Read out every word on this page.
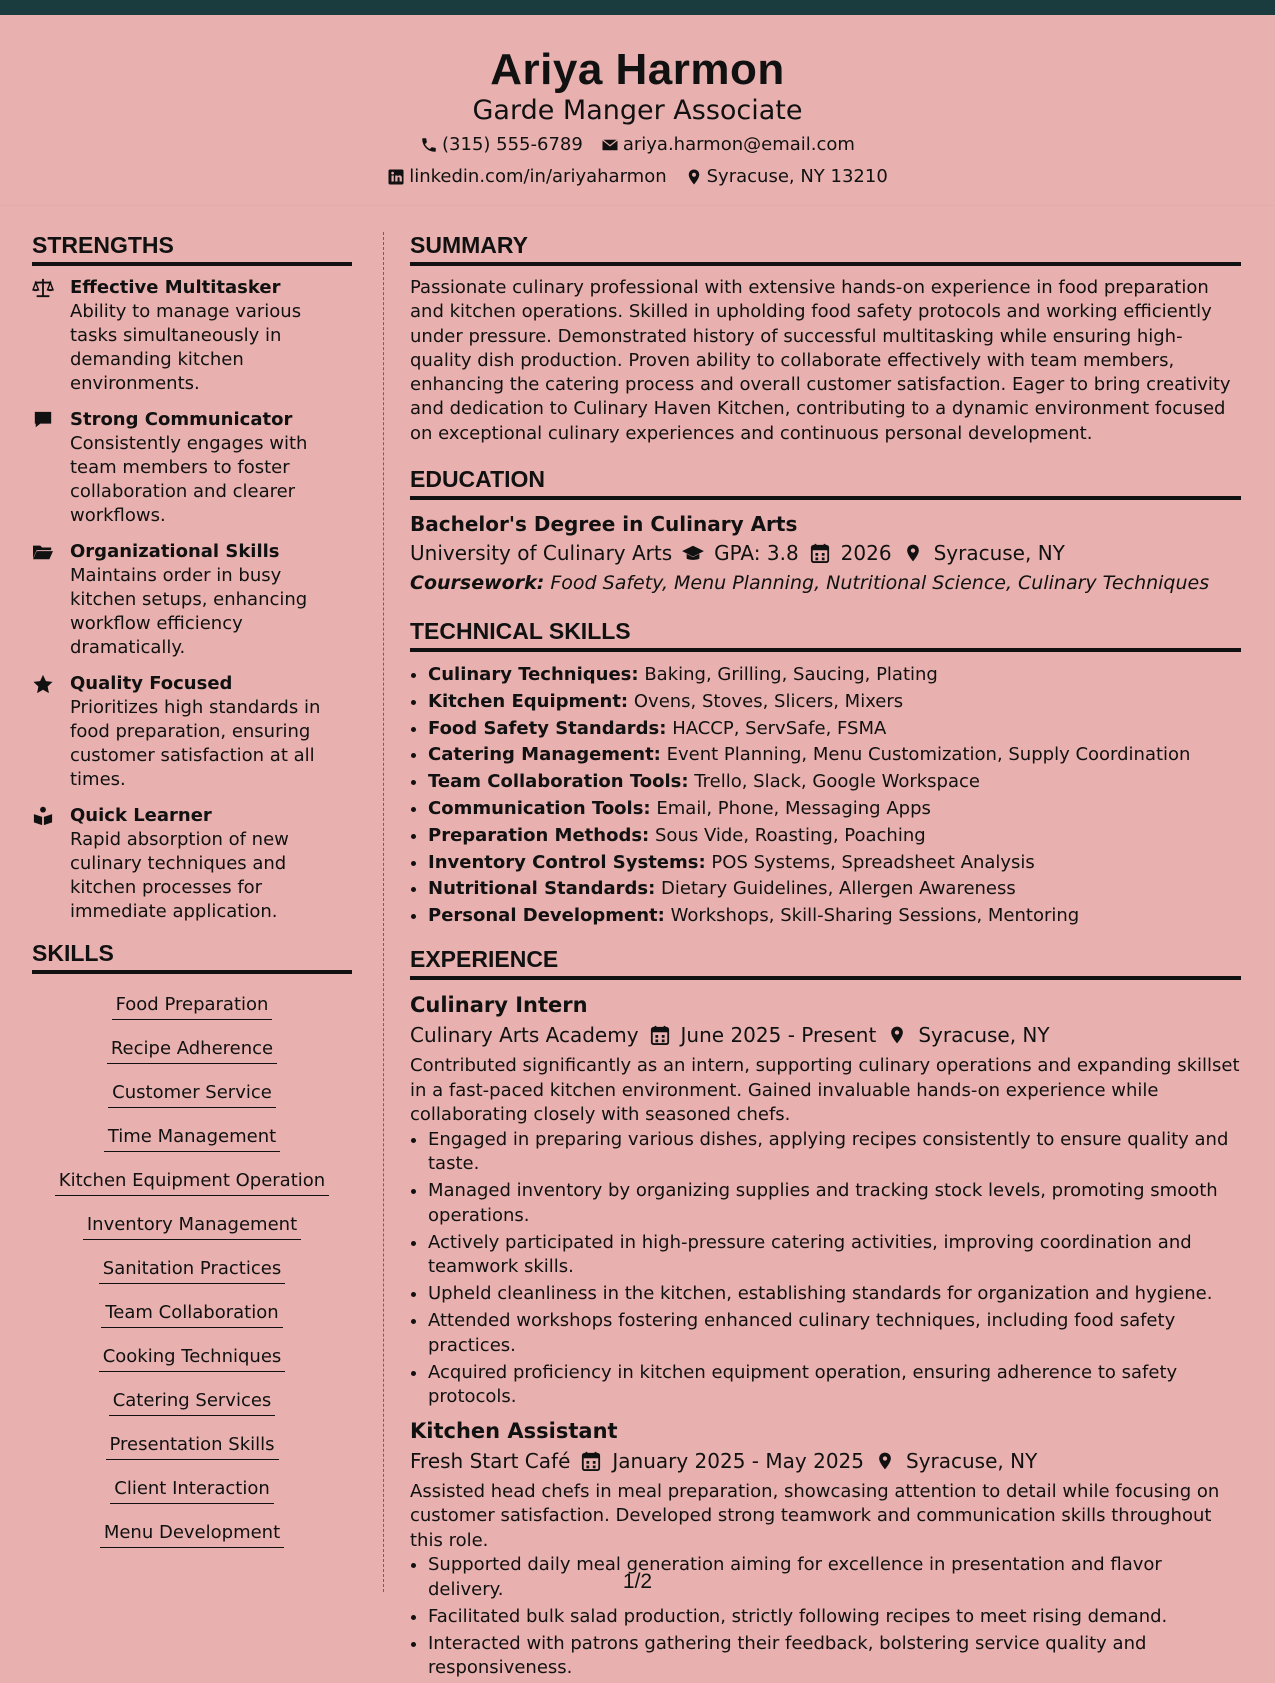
Ariya Harmon
Garde Manger Associate
(315) 555-6789 ariya.harmon@email.com
linkedin.com/in/ariyaharmon Syracuse, NY 13210
STRENGTHS
Effective Multitasker
Ability to manage various tasks simultaneously in demanding kitchen environments.
Strong Communicator
Consistently engages with team members to foster collaboration and clearer workflows.
Organizational Skills
Maintains order in busy kitchen setups, enhancing workflow efficiency dramatically.
Quality Focused
Prioritizes high standards in food preparation, ensuring customer satisfaction at all times.
Quick Learner
Rapid absorption of new culinary techniques and kitchen processes for immediate application.
SKILLS
Food Preparation
Recipe Adherence
Customer Service
Time Management
Kitchen Equipment Operation
Inventory Management
Sanitation Practices
Team Collaboration
Cooking Techniques
Catering Services
Presentation Skills
Client Interaction
Menu Development
SUMMARY

Passionate culinary professional with extensive hands-on experience in food preparation and kitchen operations. Skilled in upholding food safety protocols and working efficiently under pressure. Demonstrated history of successful multitasking while ensuring high-quality dish production. Proven ability to collaborate effectively with team members, enhancing the catering process and overall customer satisfaction. Eager to bring creativity and dedication to Culinary Haven Kitchen, contributing to a dynamic environment focused on exceptional culinary experiences and continuous personal development.

EDUCATION
Bachelor's Degree in Culinary Arts
University of Culinary Arts GPA: 3.8 2026 Syracuse, NY
Coursework: Food Safety, Menu Planning, Nutritional Science, Culinary Techniques
TECHNICAL SKILLS
• Culinary Techniques: Baking, Grilling, Saucing, Plating
• Kitchen Equipment: Ovens, Stoves, Slicers, Mixers
• Food Safety Standards: HACCP, ServSafe, FSMA
• Catering Management: Event Planning, Menu Customization, Supply Coordination
• Team Collaboration Tools: Trello, Slack, Google Workspace
• Communication Tools: Email, Phone, Messaging Apps
• Preparation Methods: Sous Vide, Roasting, Poaching
• Inventory Control Systems: POS Systems, Spreadsheet Analysis
• Nutritional Standards: Dietary Guidelines, Allergen Awareness
• Personal Development: Workshops, Skill-Sharing Sessions, Mentoring
EXPERIENCE
Culinary Intern
Culinary Arts Academy June 2025 - Present Syracuse, NY

Contributed significantly as an intern, supporting culinary operations and expanding skillset in a fast-paced kitchen environment. Gained invaluable hands-on experience while collaborating closely with seasoned chefs.

• Engaged in preparing various dishes, applying recipes consistently to ensure quality and taste.
• Managed inventory by organizing supplies and tracking stock levels, promoting smooth operations.
• Actively participated in high-pressure catering activities, improving coordination and teamwork skills.
• Upheld cleanliness in the kitchen, establishing standards for organization and hygiene.
• Attended workshops fostering enhanced culinary techniques, including food safety practices.
• Acquired proficiency in kitchen equipment operation, ensuring adherence to safety protocols.
Kitchen Assistant
Fresh Start Café January 2025 - May 2025 Syracuse, NY

Assisted head chefs in meal preparation, showcasing attention to detail while focusing on customer satisfaction. Developed strong teamwork and communication skills throughout this role.

• Supported daily meal generation aiming for excellence in presentation and flavor delivery.
• Facilitated bulk salad production, strictly following recipes to meet rising demand.
• Interacted with patrons gathering their feedback, bolstering service quality and responsiveness.
1/2
